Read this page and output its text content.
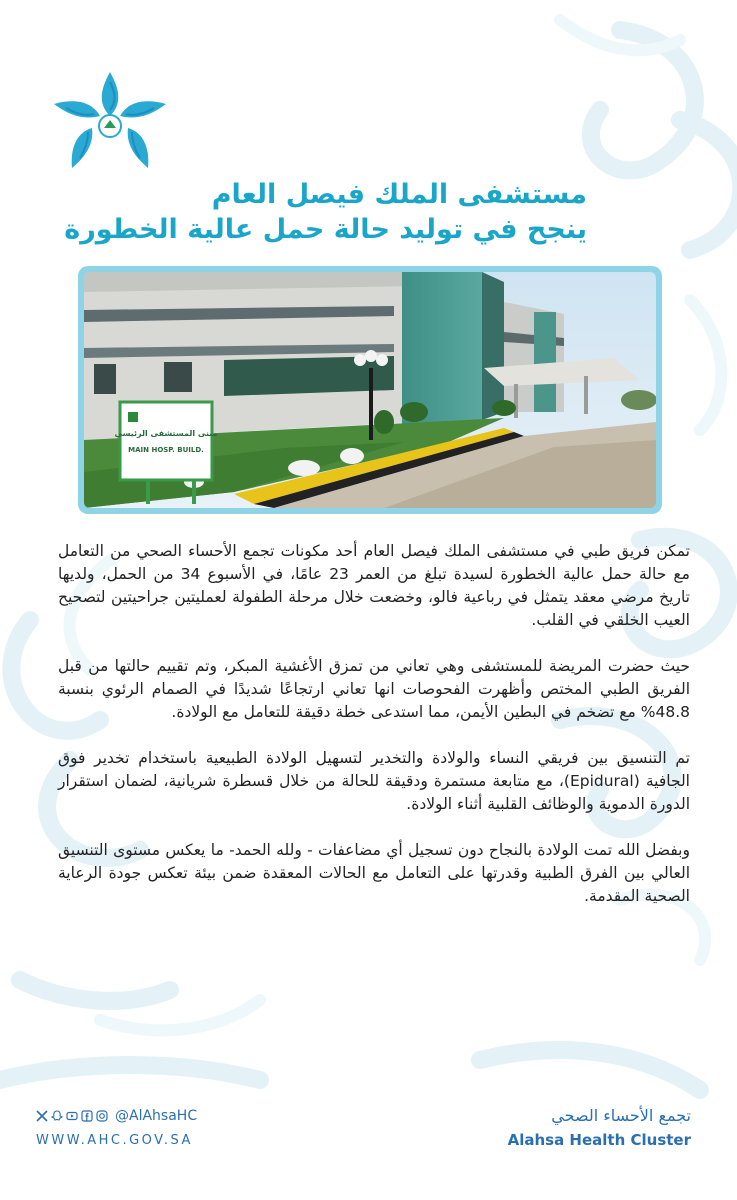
مستشفى الملك فيصل العام
ينجح في توليد حالة حمل عالية الخطورة
مبنى المستشفى الرئيسي
MAIN HOSP. BUILD.

تمكن فريق طبي في مستشفى الملك فيصل العام أحد مكونات تجمع الأحساء الصحي من التعامل مع حالة حمل عالية الخطورة لسيدة تبلغ من العمر 23 عامًا، في الأسبوع 34 من الحمل، ولديها تاريخ مرضي معقد يتمثل في رباعية فالو، وخضعت خلال مرحلة الطفولة لعمليتين جراحيتين لتصحيح العيب الخلقي في القلب.

حيث حضرت المريضة للمستشفى وهي تعاني من تمزق الأغشية المبكر، وتم تقييم حالتها من قبل الفريق الطبي المختص وأظهرت الفحوصات انها تعاني ارتجاعًا شديدًا في الصمام الرئوي بنسبة 48.8% مع تضخم في البطين الأيمن، مما استدعى خطة دقيقة للتعامل مع الولادة.

تم التنسيق بين فريقي النساء والولادة والتخدير لتسهيل الولادة الطبيعية باستخدام تخدير فوق الجافية (Epidural)، مع متابعة مستمرة ودقيقة للحالة من خلال قسطرة شريانية، لضمان استقرار الدورة الدموية والوظائف القلبية أثناء الولادة.

وبفضل الله تمت الولادة بالنجاح دون تسجيل أي مضاعفات - ولله الحمد- ما يعكس مستوى التنسيق العالي بين الفرق الطبية وقدرتها على التعامل مع الحالات المعقدة ضمن بيئة تعكس جودة الرعاية الصحية المقدمة.

@AlAhsaHC
WWW.AHC.GOV.SA
تجمع الأحساء الصحي
Alahsa Health Cluster
